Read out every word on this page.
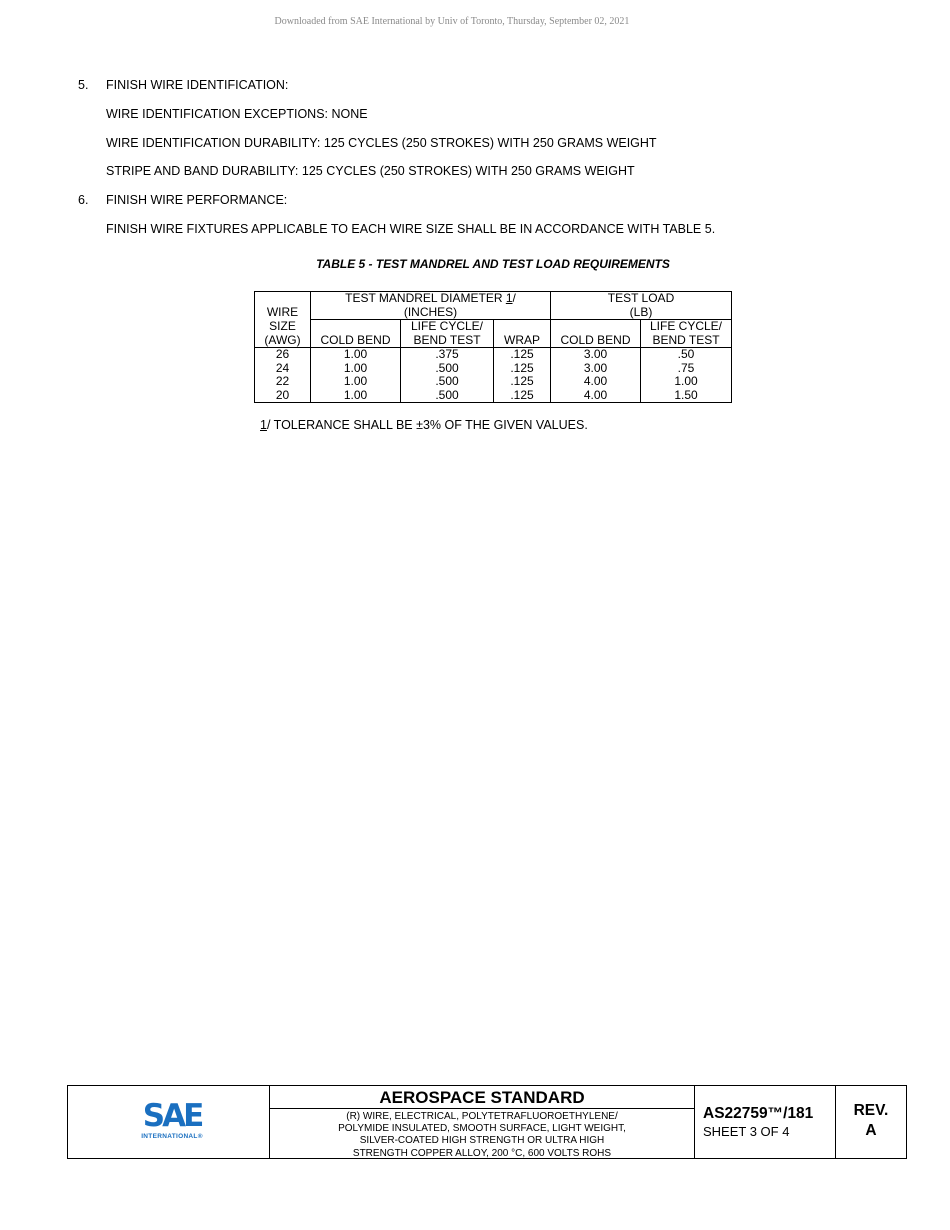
Downloaded from SAE International by Univ of Toronto, Thursday, September 02, 2021
5. FINISH WIRE IDENTIFICATION:
WIRE IDENTIFICATION EXCEPTIONS: NONE
WIRE IDENTIFICATION DURABILITY: 125 CYCLES (250 STROKES) WITH 250 GRAMS WEIGHT
STRIPE AND BAND DURABILITY: 125 CYCLES (250 STROKES) WITH 250 GRAMS WEIGHT
6. FINISH WIRE PERFORMANCE:
FINISH WIRE FIXTURES APPLICABLE TO EACH WIRE SIZE SHALL BE IN ACCORDANCE WITH TABLE 5.
TABLE 5 - TEST MANDREL AND TEST LOAD REQUIREMENTS
	TEST MANDREL DIAMETER 1/			TEST LOAD	
WIRE	(INCHES)			(LB)	
SIZE		LIFE CYCLE/			LIFE CYCLE/
(AWG)	COLD BEND	BEND TEST	WRAP	COLD BEND	BEND TEST
26	1.00	.375	.125	3.00	.50
24	1.00	.500	.125	3.00	.75
22	1.00	.500	.125	4.00	1.00
20	1.00	.500	.125	4.00	1.50
1/ TOLERANCE SHALL BE ±3% OF THE GIVEN VALUES.
SAE
INTERNATIONAL®
AEROSPACE STANDARD
(R) WIRE, ELECTRICAL, POLYTETRAFLUOROETHYLENE/
POLYMIDE INSULATED, SMOOTH SURFACE, LIGHT WEIGHT,
SILVER-COATED HIGH STRENGTH OR ULTRA HIGH
STRENGTH COPPER ALLOY, 200 °C, 600 VOLTS ROHS
AS22759™/181
SHEET 3 OF 4
REV.
A
